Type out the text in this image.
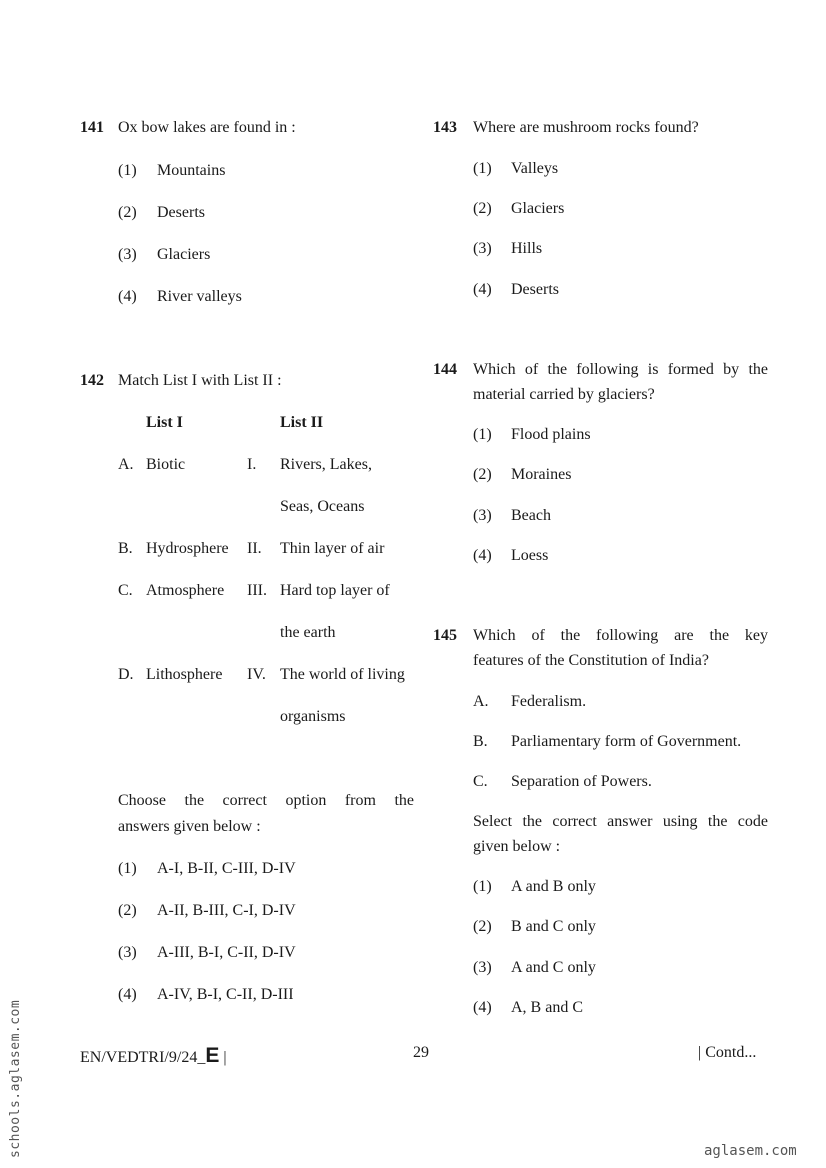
141 Ox bow lakes are found in :
(1) Mountains
(2) Deserts
(3) Glaciers
(4) River valleys
142 Match List I with List II :
List I	List II
A. Biotic	I. Rivers, Lakes,
Seas, Oceans
B. Hydrosphere II. Thin layer of air
C. Atmosphere III. Hard top layer of
the earth
D. Lithosphere IV. The world of living
organisms
Choose the correct option from the
answers given below :
(1) A-I, B-II, C-III, D-IV
(2) A-II, B-III, C-I, D-IV
(3) A-III, B-I, C-II, D-IV
(4) A-IV, B-I, C-II, D-III
143 Where are mushroom rocks found?
(1) Valleys
(2) Glaciers
(3) Hills
(4) Deserts
144 Which of the following is formed by the
material carried by glaciers?
(1) Flood plains
(2) Moraines
(3) Beach
(4) Loess
145 Which of the following are the key
features of the Constitution of India?
A. Federalism.
B. Parliamentary form of Government.
C. Separation of Powers.
Select the correct answer using the code
given below :
(1) A and B only
(2) B and C only
(3) A and C only
(4) A, B and C
EN/VEDTRI/9/24_E |	29	| Contd...
schools.aglasem.com	aglasem.com
